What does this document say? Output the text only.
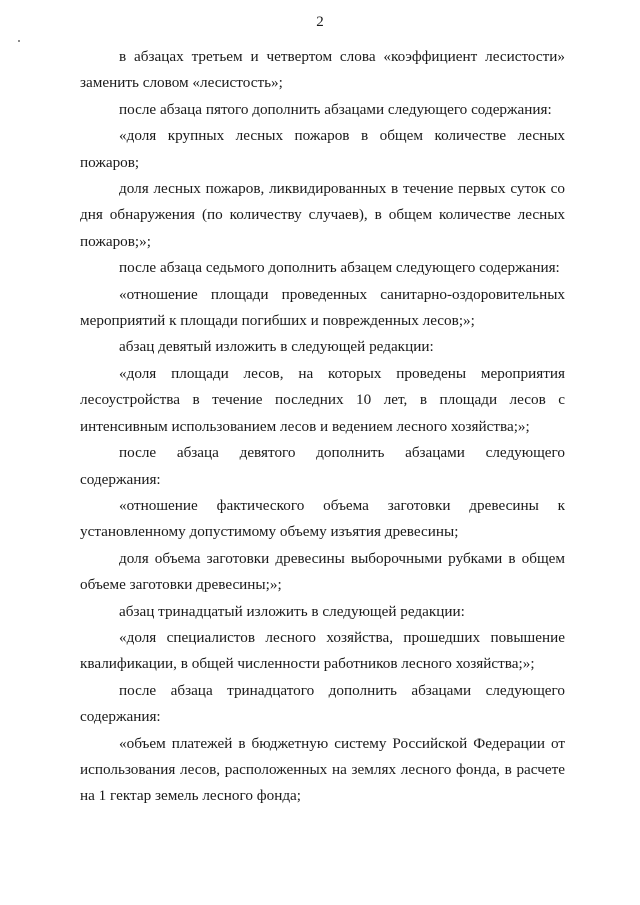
2

в абзацах третьем и четвертом слова «коэффициент лесистости» заменить словом «лесистость»;

после абзаца пятого дополнить абзацами следующего содержания:

«доля крупных лесных пожаров в общем количестве лесных пожаров;

доля лесных пожаров, ликвидированных в течение первых суток со дня обнаружения (по количеству случаев), в общем количестве лесных пожаров;»;

после абзаца седьмого дополнить абзацем следующего содержания:

«отношение площади проведенных санитарно-оздоровительных мероприятий к площади погибших и поврежденных лесов;»;

абзац девятый изложить в следующей редакции:

«доля площади лесов, на которых проведены мероприятия лесоустройства в течение последних 10 лет, в площади лесов с интенсивным использованием лесов и ведением лесного хозяйства;»;

после абзаца девятого дополнить абзацами следующего содержания:

«отношение фактического объема заготовки древесины к установленному допустимому объему изъятия древесины;

доля объема заготовки древесины выборочными рубками в общем объеме заготовки древесины;»;

абзац тринадцатый изложить в следующей редакции:

«доля специалистов лесного хозяйства, прошедших повышение квалификации, в общей численности работников лесного хозяйства;»;

после абзаца тринадцатого дополнить абзацами следующего содержания:

«объем платежей в бюджетную систему Российской Федерации от использования лесов, расположенных на землях лесного фонда, в расчете на 1 гектар земель лесного фонда;
